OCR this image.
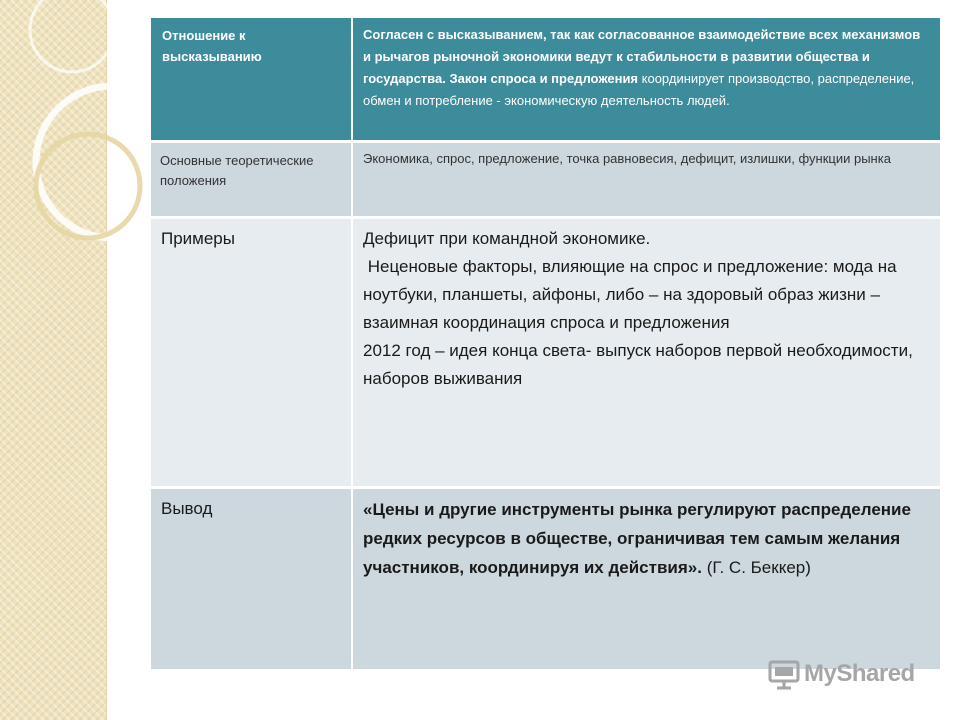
Отношение к высказыванию	Согласен с высказыванием, так как согласованное взаимодействие всех механизмов и рычагов рыночной экономики ведут к стабильности в развитии общества и государства. Закон спроса и предложения координирует производство, распределение, обмен и потребление - экономическую деятельность людей.

Основные теоретические положения	Экономика, спрос, предложение, точка равновесия, дефицит, излишки, функции рынка

Примеры	Дефицит при командной экономике.
Неценовые факторы, влияющие на спрос и предложение: мода на ноутбуки, планшеты, айфоны, либо – на здоровый образ жизни – взаимная координация спроса и предложения
2012 год – идея конца света- выпуск наборов первой необходимости, наборов выживания

Вывод	«Цены и другие инструменты рынка регулируют распределение редких ресурсов в обществе, ограничивая тем самым желания участников, координируя их действия». (Г. С. Беккер)
MyShared
